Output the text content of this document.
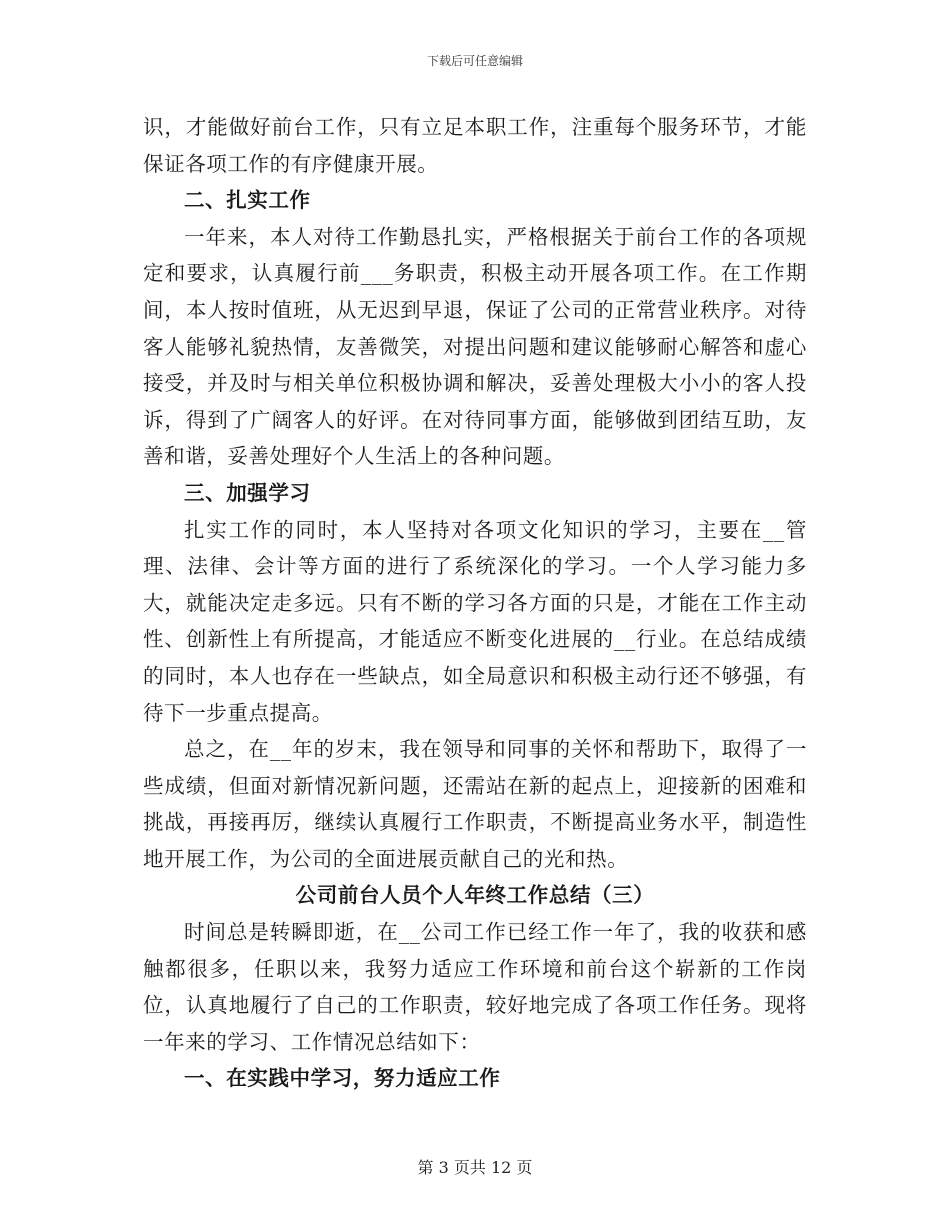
下载后可任意编辑

识，才能做好前台工作，只有立足本职工作，注重每个服务环节，才能保证各项工作的有序健康开展。

二、扎实工作

一年来，本人对待工作勤恳扎实，严格根据关于前台工作的各项规定和要求，认真履行前___务职责，积极主动开展各项工作。在工作期间，本人按时值班，从无迟到早退，保证了公司的正常营业秩序。对待客人能够礼貌热情，友善微笑，对提出问题和建议能够耐心解答和虚心接受，并及时与相关单位积极协调和解决，妥善处理极大小小的客人投诉，得到了广阔客人的好评。在对待同事方面，能够做到团结互助，友善和谐，妥善处理好个人生活上的各种问题。

三、加强学习

扎实工作的同时，本人坚持对各项文化知识的学习，主要在__管理、法律、会计等方面的进行了系统深化的学习。一个人学习能力多大，就能决定走多远。只有不断的学习各方面的只是，才能在工作主动性、创新性上有所提高，才能适应不断变化进展的__行业。在总结成绩的同时，本人也存在一些缺点，如全局意识和积极主动行还不够强，有待下一步重点提高。

总之，在__年的岁末，我在领导和同事的关怀和帮助下，取得了一些成绩，但面对新情况新问题，还需站在新的起点上，迎接新的困难和挑战，再接再厉，继续认真履行工作职责，不断提高业务水平，制造性地开展工作，为公司的全面进展贡献自己的光和热。

公司前台人员个人年终工作总结（三）

时间总是转瞬即逝，在__公司工作已经工作一年了，我的收获和感触都很多，任职以来，我努力适应工作环境和前台这个崭新的工作岗位，认真地履行了自己的工作职责，较好地完成了各项工作任务。现将一年来的学习、工作情况总结如下：

一、在实践中学习，努力适应工作

第 3 页共 12 页
